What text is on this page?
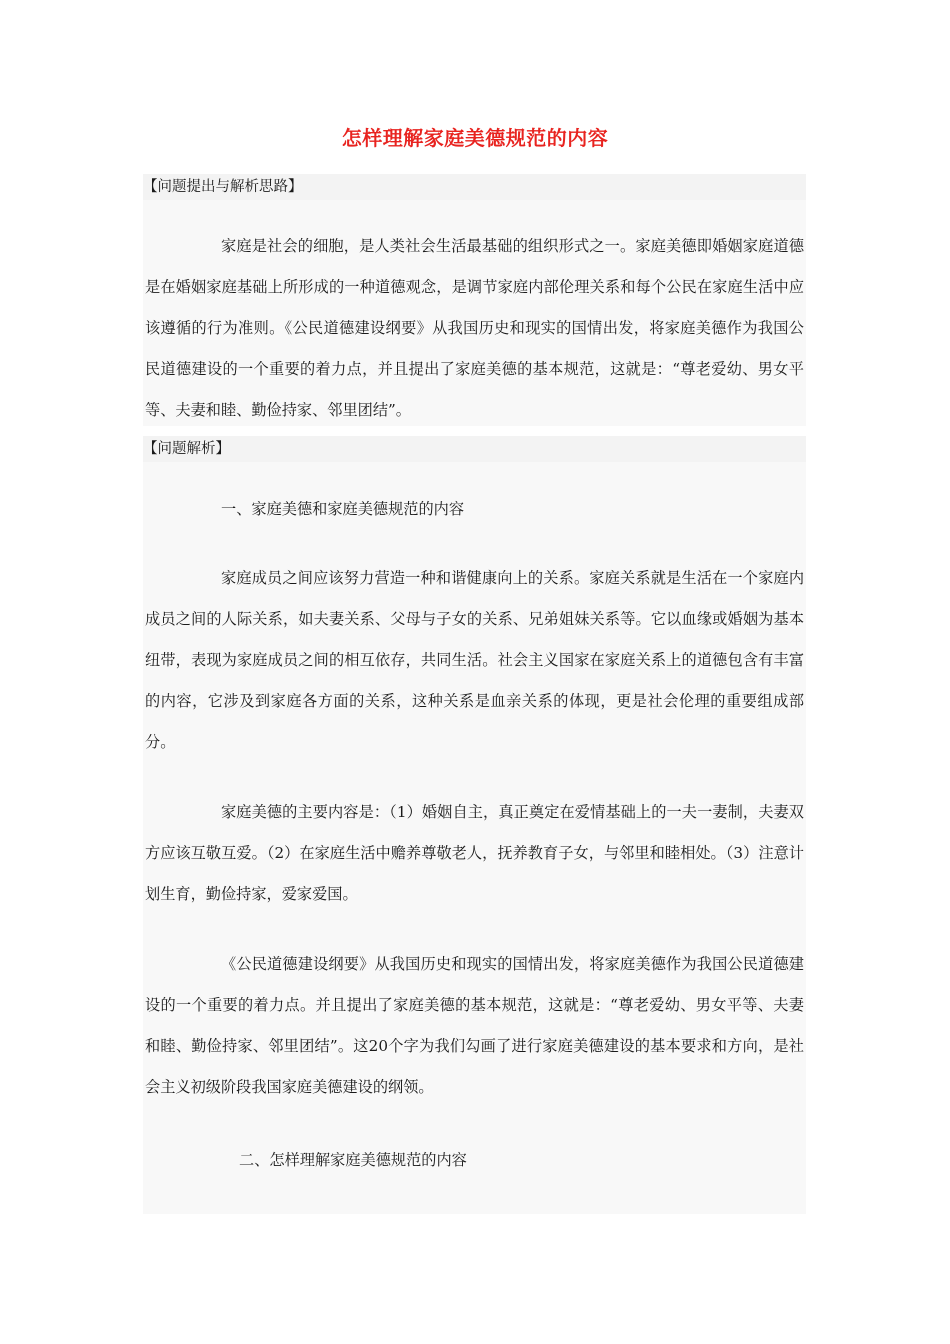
怎样理解家庭美德规范的内容
【问题提出与解析思路】

家庭是社会的细胞，是人类社会生活最基础的组织形式之一。家庭美德即婚姻家庭道德是在婚姻家庭基础上所形成的一种道德观念，是调节家庭内部伦理关系和每个公民在家庭生活中应该遵循的行为准则。《公民道德建设纲要》从我国历史和现实的国情出发，将家庭美德作为我国公民道德建设的一个重要的着力点，并且提出了家庭美德的基本规范，这就是：“尊老爱幼、男女平等、夫妻和睦、勤俭持家、邻里团结”。

【问题解析】

一、家庭美德和家庭美德规范的内容

家庭成员之间应该努力营造一种和谐健康向上的关系。家庭关系就是生活在一个家庭内成员之间的人际关系，如夫妻关系、父母与子女的关系、兄弟姐妹关系等。它以血缘或婚姻为基本纽带，表现为家庭成员之间的相互依存，共同生活。社会主义国家在家庭关系上的道德包含有丰富的内容，它涉及到家庭各方面的关系，这种关系是血亲关系的体现，更是社会伦理的重要组成部分。

家庭美德的主要内容是：（1）婚姻自主，真正奠定在爱情基础上的一夫一妻制，夫妻双方应该互敬互爱。（2）在家庭生活中赡养尊敬老人，抚养教育子女，与邻里和睦相处。（3）注意计划生育，勤俭持家，爱家爱国。

《公民道德建设纲要》从我国历史和现实的国情出发，将家庭美德作为我国公民道德建设的一个重要的着力点。并且提出了家庭美德的基本规范，这就是：“尊老爱幼、男女平等、夫妻和睦、勤俭持家、邻里团结”。这20个字为我们勾画了进行家庭美德建设的基本要求和方向，是社会主义初级阶段我国家庭美德建设的纲领。

二、怎样理解家庭美德规范的内容
